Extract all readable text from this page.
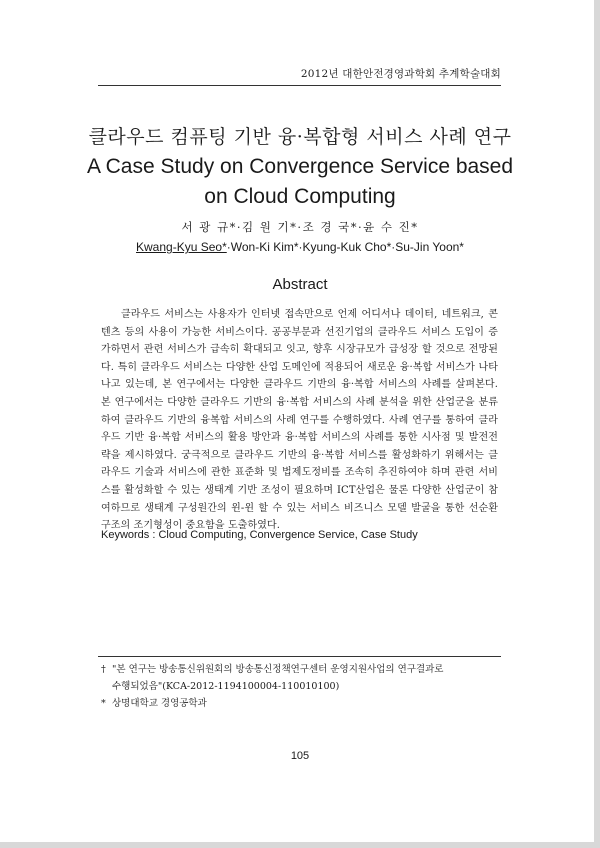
2012년 대한안전경영과학회 추계학술대회
클라우드 컴퓨팅 기반 융·복합형 서비스 사례 연구
A Case Study on Convergence Service based
on Cloud Computing
서 광 규*·김 원 기*·조 경 국*·윤 수 진*
Kwang-Kyu Seo*·Won-Ki Kim*·Kyung-Kuk Cho*·Su-Jin Yoon*
Abstract
클라우드 서비스는 사용자가 인터넷 접속만으로 언제 어디서나 데이터, 네트워크, 콘텐츠 등의 사용이 가능한 서비스이다. 공공부문과 선진기업의 클라우드 서비스 도입이 증가하면서 관련 서비스가 급속히 확대되고 잇고, 향후 시장규모가 급성장 할 것으로 전망된다. 특히 클라우드 서비스는 다양한 산업 도메인에 적용되어 새로운 융·복합 서비스가 나타나고 있는데, 본 연구에서는 다양한 클라우드 기반의 융·복합 서비스의 사례를 살펴본다. 본 연구에서는 다양한 클라우드 기반의 융·복합 서비스의 사례 분석을 위한 산업군을 분류하여 클라우드 기반의 융복합 서비스의 사례 연구를 수행하였다. 사례 연구를 통하여 클라우드 기반 융·복합 서비스의 활용 방안과 융·복합 서비스의 사례를 통한 시사점 및 발전전략을 제시하였다. 궁극적으로 클라우드 기반의 융·복합 서비스를 활성화하기 위해서는 클라우드 기술과 서비스에 관한 표준화 및 법제도정비를 조속히 추진하여야 하며 관련 서비스를 활성화할 수 있는 생태계 기반 조성이 필요하며 ICT산업은 물론 다양한 산업군이 참여하므로 생태계 구성원간의 윈-윈 할 수 있는 서비스 비즈니스 모델 발굴을 통한 선순환 구조의 조기형성이 중요함을 도출하였다.
Keywords : Cloud Computing, Convergence Service, Case Study
† "본 연구는 방송통신위원회의 방송통신정책연구센터 운영지원사업의 연구결과로
수행되었음"(KCA-2012-1194100004-110010100)
* 상명대학교 경영공학과
105
